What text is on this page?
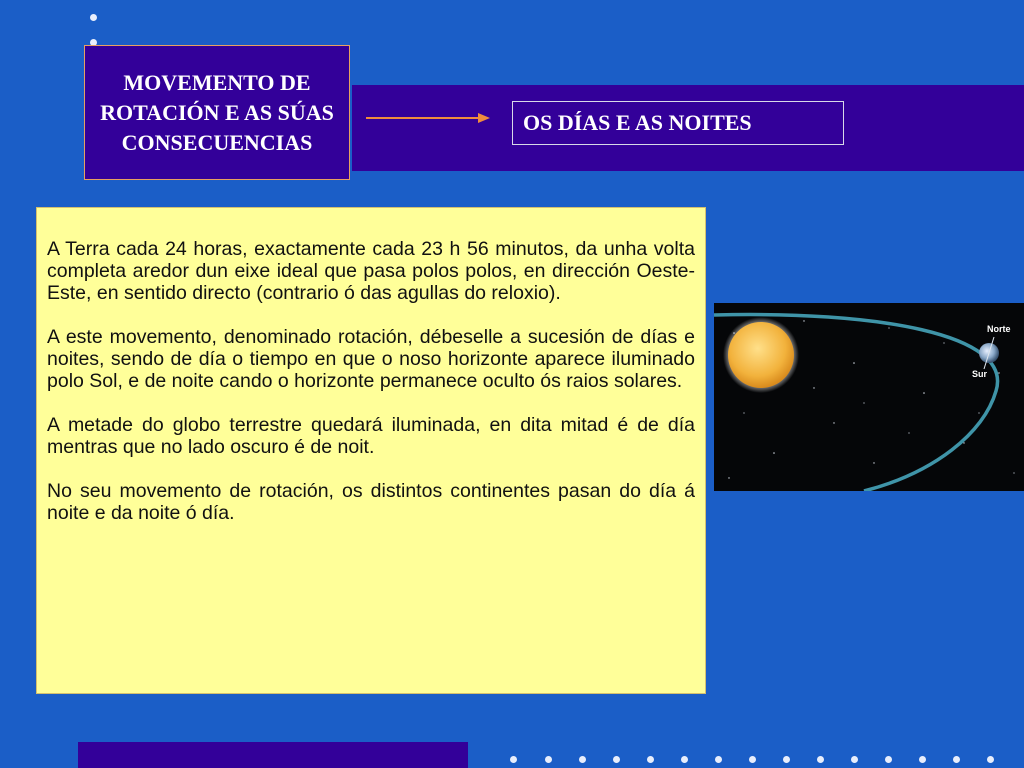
MOVEMENTO DE ROTACIÓN E AS SÚAS CONSECUENCIAS
OS DÍAS E AS NOITES

A Terra cada 24 horas, exactamente cada 23 h 56 minutos, da unha volta completa aredor dun eixe ideal que pasa polos polos, en dirección Oeste-Este, en sentido directo (contrario ó das agullas do reloxio).

A este movemento, denominado rotación, débeselle a sucesión de días e noites, sendo de día o tiempo en que o noso horizonte aparece iluminado polo Sol, e de noite cando o horizonte permanece oculto ós raios solares.

A metade do globo terrestre quedará iluminada, en dita mitad é de día mentras que no lado oscuro é de noit.

No seu movemento de rotación, os distintos continentes pasan do día á noite e da noite ó día.

Norte
Sur
